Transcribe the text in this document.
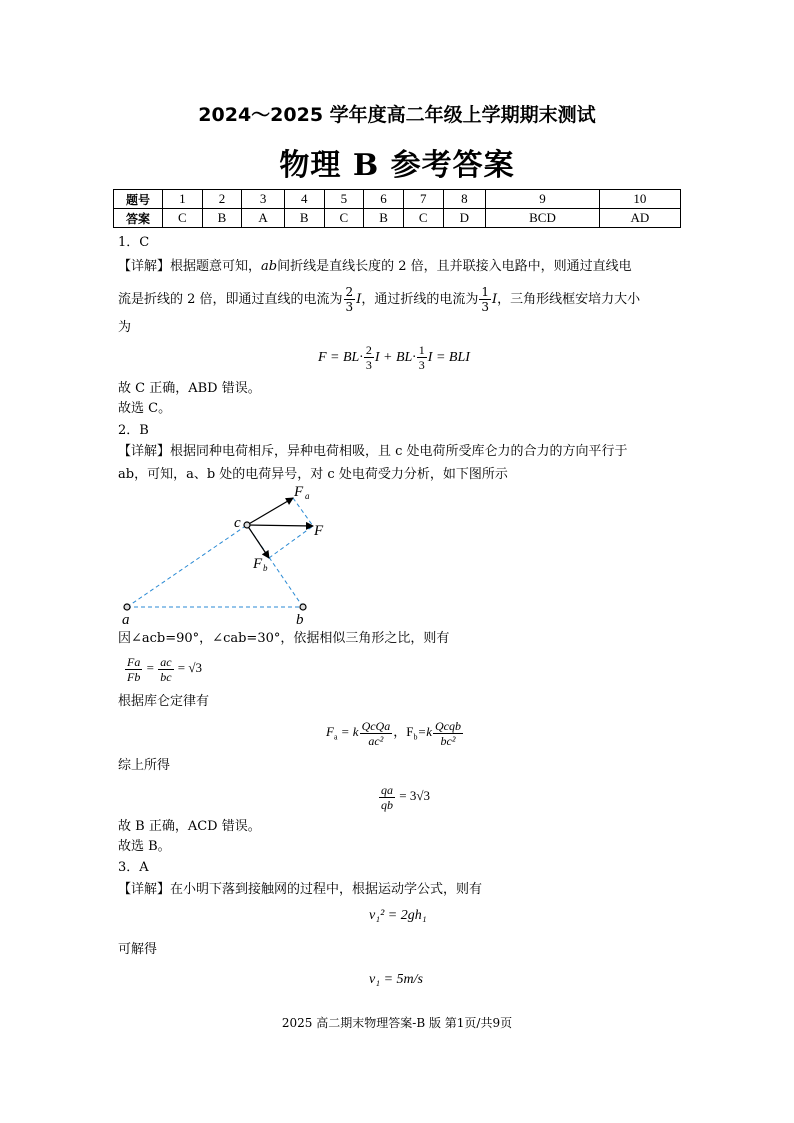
2024～2025 学年度高二年级上学期期末测试
物理 B 参考答案
题号	1	2	3	4	5	6	7	8	9	10
答案	C	B	A	B	C	B	C	D	BCD	AD
1．C
【详解】根据题意可知，ab间折线是直线长度的 2 倍，且并联接入电路中，则通过直线电
流是折线的 2 倍，即通过直线的电流为 $\frac{2}{3}$ I，通过折线的电流为 $\frac{1}{3}$ I，三角形线框安培力大小
为
$F = BL\cdot \frac{2}{3}$ $I + BL\cdot \frac{1}{3}$ I = BLI
故 C 正确，ABD 错误。
故选 C。
2．B
【详解】根据同种电荷相斥，异种电荷相吸，且 c 处电荷所受库仑力的合力的方向平行于
ab，可知，a、b 处的电荷异号，对 c 处电荷受力分析，如下图所示
c
a	b
F
F a
F b
因∠acb=90°，∠cab=30°，依据相似三角形之比，则有
$\frac{Fa}{Fb} = \frac{ac}{bc} = √3$
根据库仑定律有
$F_a = k \frac{\text{QcQa}}{\text{ac²}}$ ，$F_b=k \frac{\text{Qcqb}}{\text{bc²}}$
综上所得
$\frac{qa}{qb} = 3√3$
故 B 正确，ACD 错误。
故选 B。
3．A
【详解】在小明下落到接触网的过程中，根据运动学公式，则有
v₁² = 2gh₁
可解得
v₁ = 5m/s
2025 高二期末物理答案-B 版 第1页/共9页
